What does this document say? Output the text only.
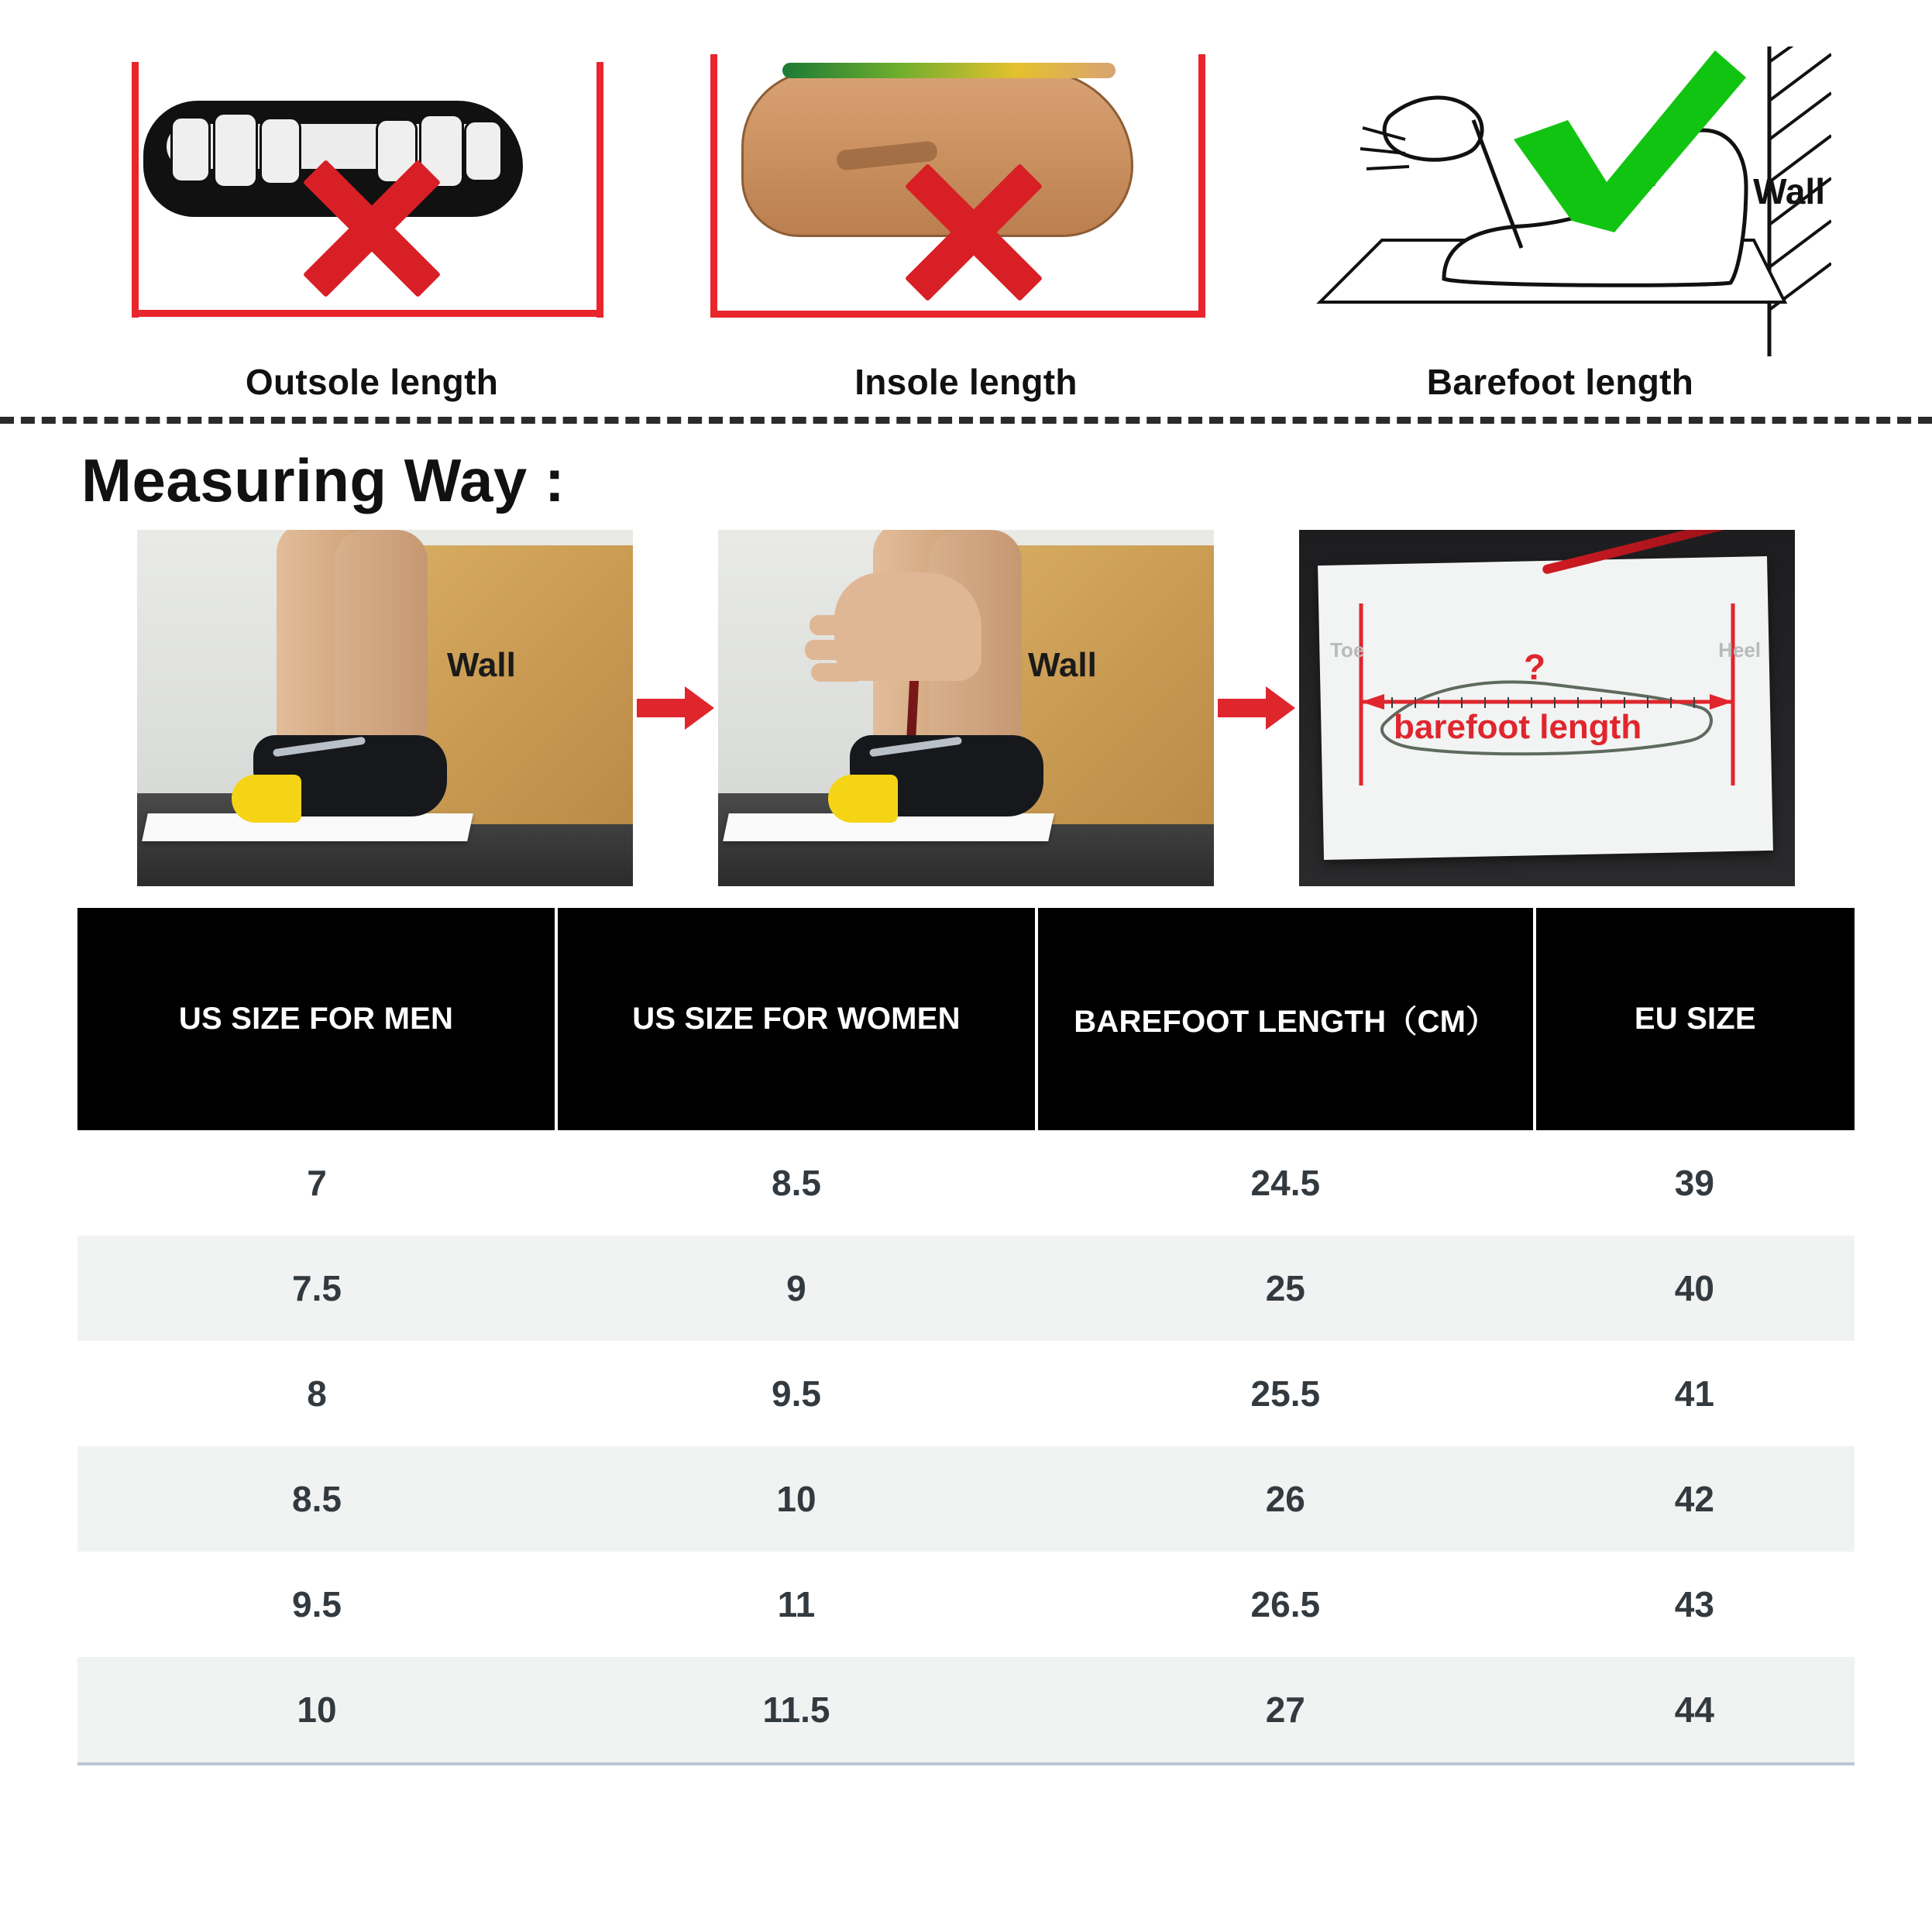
Outsole length	Insole length
Wall
Barefoot length
Measuring Way :
Wall	Wall	Toe	Heel
?
barefoot length
US SIZE FOR MEN	US SIZE FOR WOMEN	BAREFOOT LENGTH（CM）	EU SIZE
7	8.5	24.5	39
7.5	9	25	40
8	9.5	25.5	41
8.5	10	26	42
9.5	11	26.5	43
10	11.5	27	44
